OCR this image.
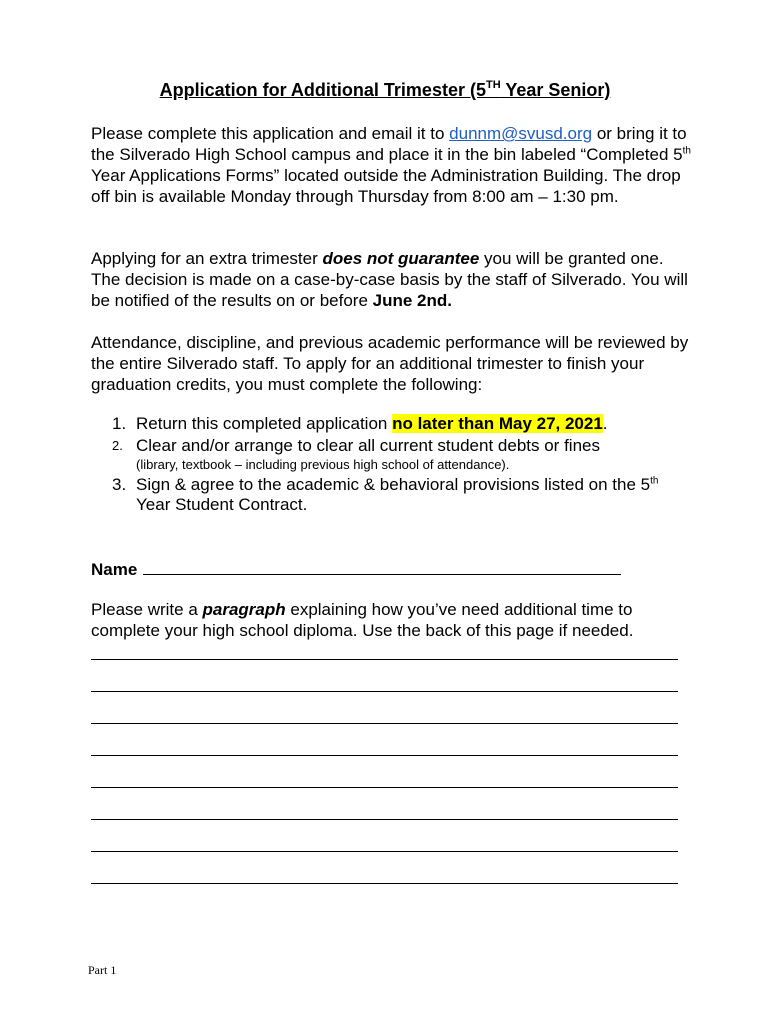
Application for Additional Trimester (5TH Year Senior)
Please complete this application and email it to dunnm@svusd.org or bring it to the Silverado High School campus and place it in the bin labeled “Completed 5th Year Applications Forms” located outside the Administration Building. The drop off bin is available Monday through Thursday from 8:00 am – 1:30 pm.
Applying for an extra trimester does not guarantee you will be granted one. The decision is made on a case-by-case basis by the staff of Silverado. You will be notified of the results on or before June 2nd.
Attendance, discipline, and previous academic performance will be reviewed by the entire Silverado staff. To apply for an additional trimester to finish your graduation credits, you must complete the following:
1. Return this completed application no later than May 27, 2021.
2. Clear and/or arrange to clear all current student debts or fines
(library, textbook – including previous high school of attendance).
3. Sign & agree to the academic & behavioral provisions listed on the 5th Year Student Contract.
Name
Please write a paragraph explaining how you’ve need additional time to complete your high school diploma. Use the back of this page if needed.
Part 1
